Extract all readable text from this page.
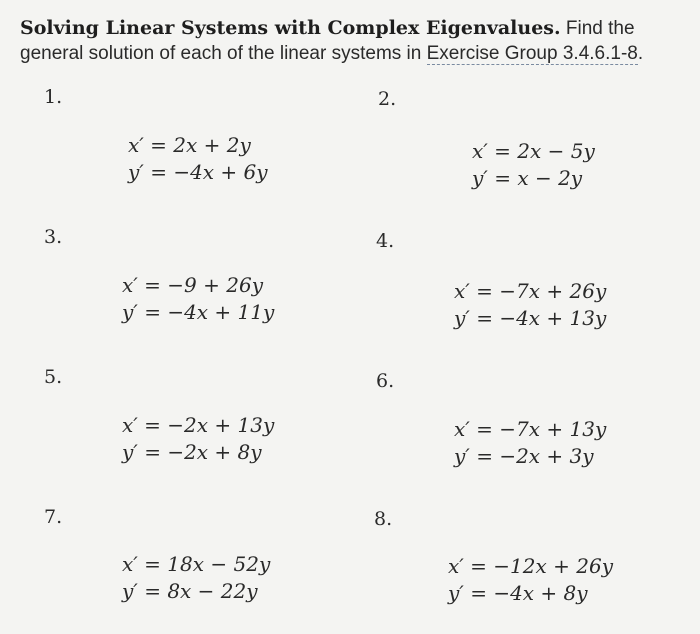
Solving Linear Systems with Complex Eigenvalues. Find the general solution of each of the linear systems in Exercise Group 3.4.6.1-8.
1.
x′ = 2x + 2y
y′ = −4x + 6y
2.
x′ = 2x − 5y
y′ = x − 2y
3.
x′ = −9 + 26y
y′ = −4x + 11y
4.
x′ = −7x + 26y
y′ = −4x + 13y
5.
x′ = −2x + 13y
y′ = −2x + 8y
6.
x′ = −7x + 13y
y′ = −2x + 3y
7.
x′ = 18x − 52y
y′ = 8x − 22y
8.
x′ = −12x + 26y
y′ = −4x + 8y
